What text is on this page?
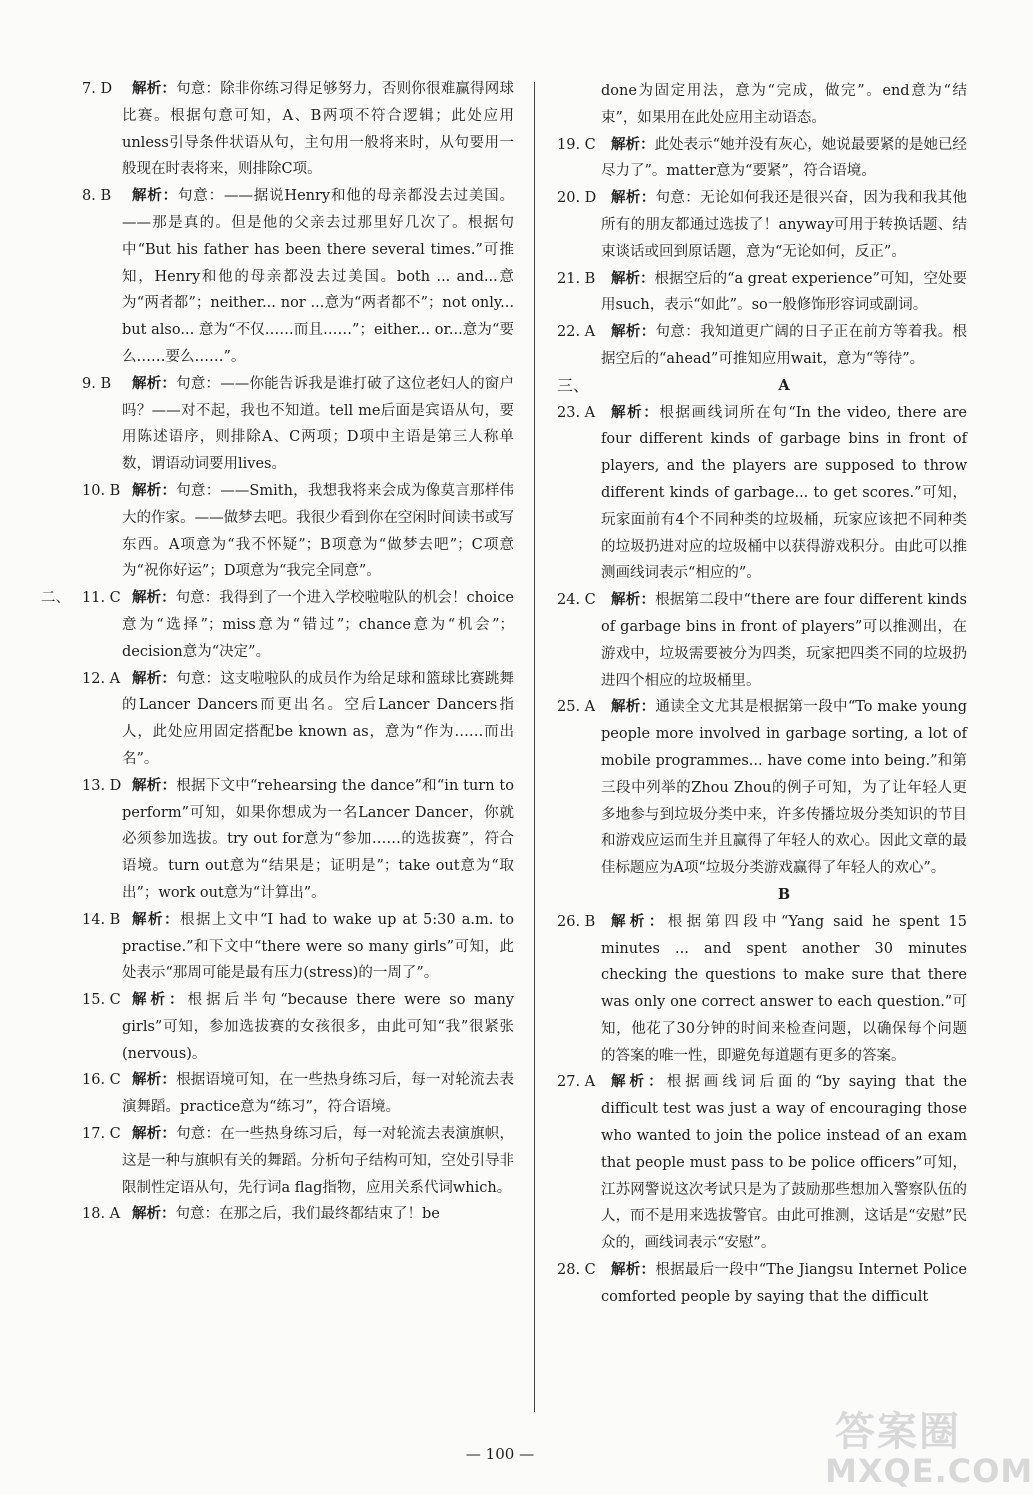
7. D 解析：句意：除非你练习得足够努力，否则你很难赢得网球比赛。根据句意可知，A、B两项不符合逻辑；此处应用unless引导条件状语从句，主句用一般将来时，从句要用一般现在时表将来，则排除C项。

8. B 解析：句意：——据说Henry和他的母亲都没去过美国。——那是真的。但是他的父亲去过那里好几次了。根据句中“But his father has been there several times.”可推知，Henry和他的母亲都没去过美国。both ... and...意为“两者都”；neither... nor ...意为“两者都不”；not only... but also... 意为“不仅……而且……”；either... or...意为“要么……要么……”。

9. B 解析：句意：——你能告诉我是谁打破了这位老妇人的窗户吗？——对不起，我也不知道。tell me后面是宾语从句，要用陈述语序，则排除A、C两项；D项中主语是第三人称单数，谓语动词要用lives。

10. B 解析：句意：——Smith，我想我将来会成为像莫言那样伟大的作家。——做梦去吧。我很少看到你在空闲时间读书或写东西。A项意为“我不怀疑”；B项意为“做梦去吧”；C项意为“祝你好运”；D项意为“我完全同意”。

二、 11. C 解析：句意：我得到了一个进入学校啦啦队的机会！choice意为“选择”；miss意为“错过”；chance意为“机会”；decision意为“决定”。

12. A 解析：句意：这支啦啦队的成员作为给足球和篮球比赛跳舞的Lancer Dancers而更出名。空后Lancer Dancers指人，此处应用固定搭配be known as，意为“作为……而出名”。

13. D 解析：根据下文中“rehearsing the dance”和“in turn to perform”可知，如果你想成为一名Lancer Dancer，你就必须参加选拔。try out for意为“参加……的选拔赛”，符合语境。turn out意为“结果是；证明是”；take out意为“取出”；work out意为“计算出”。

14. B 解析：根据上文中“I had to wake up at 5:30 a.m. to practise.”和下文中“there were so many girls”可知，此处表示“那周可能是最有压力(stress)的一周了”。

15. C 解析：根据后半句“because there were so many girls”可知，参加选拔赛的女孩很多，由此可知“我”很紧张(nervous)。

16. C 解析：根据语境可知，在一些热身练习后，每一对轮流去表演舞蹈。practice意为“练习”，符合语境。

17. C 解析：句意：在一些热身练习后，每一对轮流去表演旗帜，这是一种与旗帜有关的舞蹈。分析句子结构可知，空处引导非限制性定语从句，先行词a flag指物，应用关系代词which。

18. A 解析：句意：在那之后，我们最终都结束了！be

done为固定用法，意为“完成，做完”。end意为“结束”，如果用在此处应用主动语态。

19. C 解析：此处表示“她并没有灰心，她说最要紧的是她已经尽力了”。matter意为“要紧”，符合语境。

20. D 解析：句意：无论如何我还是很兴奋，因为我和我其他所有的朋友都通过选拔了！anyway可用于转换话题、结束谈话或回到原话题，意为“无论如何，反正”。

21. B 解析：根据空后的“a great experience”可知，空处要用such，表示“如此”。so一般修饰形容词或副词。

22. A 解析：句意：我知道更广阔的日子正在前方等着我。根据空后的“ahead”可推知应用wait，意为“等待”。

三、	A

23. A 解析：根据画线词所在句“In the video, there are four different kinds of garbage bins in front of players, and the players are supposed to throw different kinds of garbage... to get scores.”可知，玩家面前有4个不同种类的垃圾桶，玩家应该把不同种类的垃圾扔进对应的垃圾桶中以获得游戏积分。由此可以推测画线词表示“相应的”。

24. C 解析：根据第二段中“there are four different kinds of garbage bins in front of players”可以推测出，在游戏中，垃圾需要被分为四类，玩家把四类不同的垃圾扔进四个相应的垃圾桶里。

25. A 解析：通读全文尤其是根据第一段中“To make young people more involved in garbage sorting, a lot of mobile programmes... have come into being.”和第三段中列举的Zhou Zhou的例子可知，为了让年轻人更多地参与到垃圾分类中来，许多传播垃圾分类知识的节目和游戏应运而生并且赢得了年轻人的欢心。因此文章的最佳标题应为A项“垃圾分类游戏赢得了年轻人的欢心”。

B

26. B 解析：根据第四段中“Yang said he spent 15 minutes ... and spent another 30 minutes checking the questions to make sure that there was only one correct answer to each question.”可知，他花了30分钟的时间来检查问题，以确保每个问题的答案的唯一性，即避免每道题有更多的答案。

27. A 解析：根据画线词后面的“by saying that the difficult test was just a way of encouraging those who wanted to join the police instead of an exam that people must pass to be police officers”可知，江苏网警说这次考试只是为了鼓励那些想加入警察队伍的人，而不是用来选拔警官。由此可推测，这话是“安慰”民众的，画线词表示“安慰”。

28. C 解析：根据最后一段中“The Jiangsu Internet Police comforted people by saying that the difficult

— 100 —	答案圈
MXQE.COM
